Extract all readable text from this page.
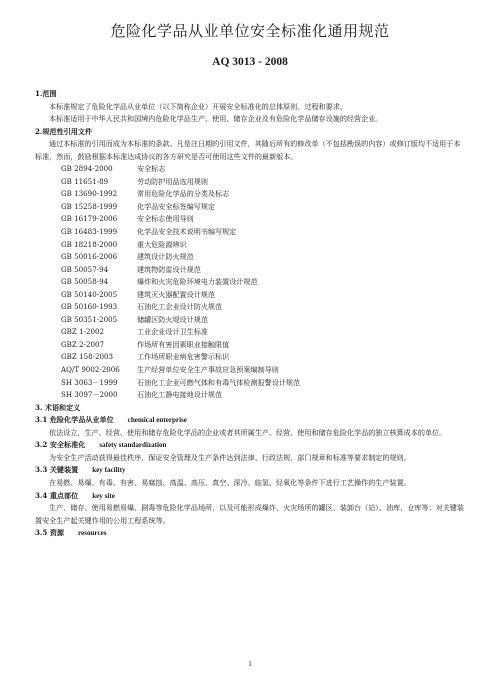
危险化学品从业单位安全标准化通用规范
AQ 3013 - 2008
1.范围
本标准规定了危险化学品从业单位（以下简称企业）开展安全标准化的总体原则、过程和要求。
本标准适用于中华人民共和国境内危险化学品生产、使用、储存企业及有危险化学品储存设施的经营企业。
2.规范性引用文件
通过本标准的引用而成为本标准的条款。凡是注日期的引用文件，其随后所有的修改单（不包括勘误的内容）或修订版均不适用于本标准，然而，鼓励根据本标准达成协议的各方研究是否可使用这些文件的最新版本。
GB 2894-2000	安全标志
GB 11651-89	劳动防护用品选用规则
GB 13690-1992	常用危险化学品的分类及标志
GB 15258-1999	化学品安全标签编写规定
GB 16179-2006	安全标志使用导则
GB 16483-1999	化学品安全技术说明书编写规定
GB 18218-2000	重大危险源辨识
GB 50016-2006	建筑设计防火规范
GB 50057-94	建筑物防雷设计规范
GB 50058-94	爆炸和火灾危险环境电力装置设计规范
GB 50140-2005	建筑灭火器配置设计规范
GB 50160-1993	石油化工企业设计防火规范
GB 50351-2005	储罐区防火堤设计规范
GBZ 1-2002	工业企业设计卫生标准
GBZ 2-2007	作场所有害因素职业接触限值
GBZ 158-2003	工作场所职业病危害警示标识
AQ/T 9002-2006	生产经营单位安全生产事故应急预案编制导则
SH 3063－1999	石油化工企业可燃气体和有毒气体检测报警设计规范
SH 3097－2000	石油化工静电接地设计规范
3. 术语和定义
3.1 危险化学品从业单位 chemical enterprise
依法设立，生产、经营、使用和储存危险化学品的企业或者其所属生产、经营、使用和储存危险化学品的独立核算成本的单位。
3.2 安全标准化 safety standardization
为安全生产活动获得最佳秩序，保证安全管理及生产条件达到法律、行政法规、部门规章和标准等要求制定的规则。
3.3 关键装置 key facility
在易燃、易爆、有毒、有害、易腐蚀、高温、高压、真空、深冷、临氢、烃氧化等条件下进行工艺操作的生产装置。
3.4 重点部位 key site
生产、储存、使用易燃易爆、剧毒等危险化学品场所，以及可能形成爆炸、火灾场所的罐区、装卸台（站）、油库、仓库等；对关键装置安全生产起关键作用的公用工程系统等。
3.5 资源 resources
1
